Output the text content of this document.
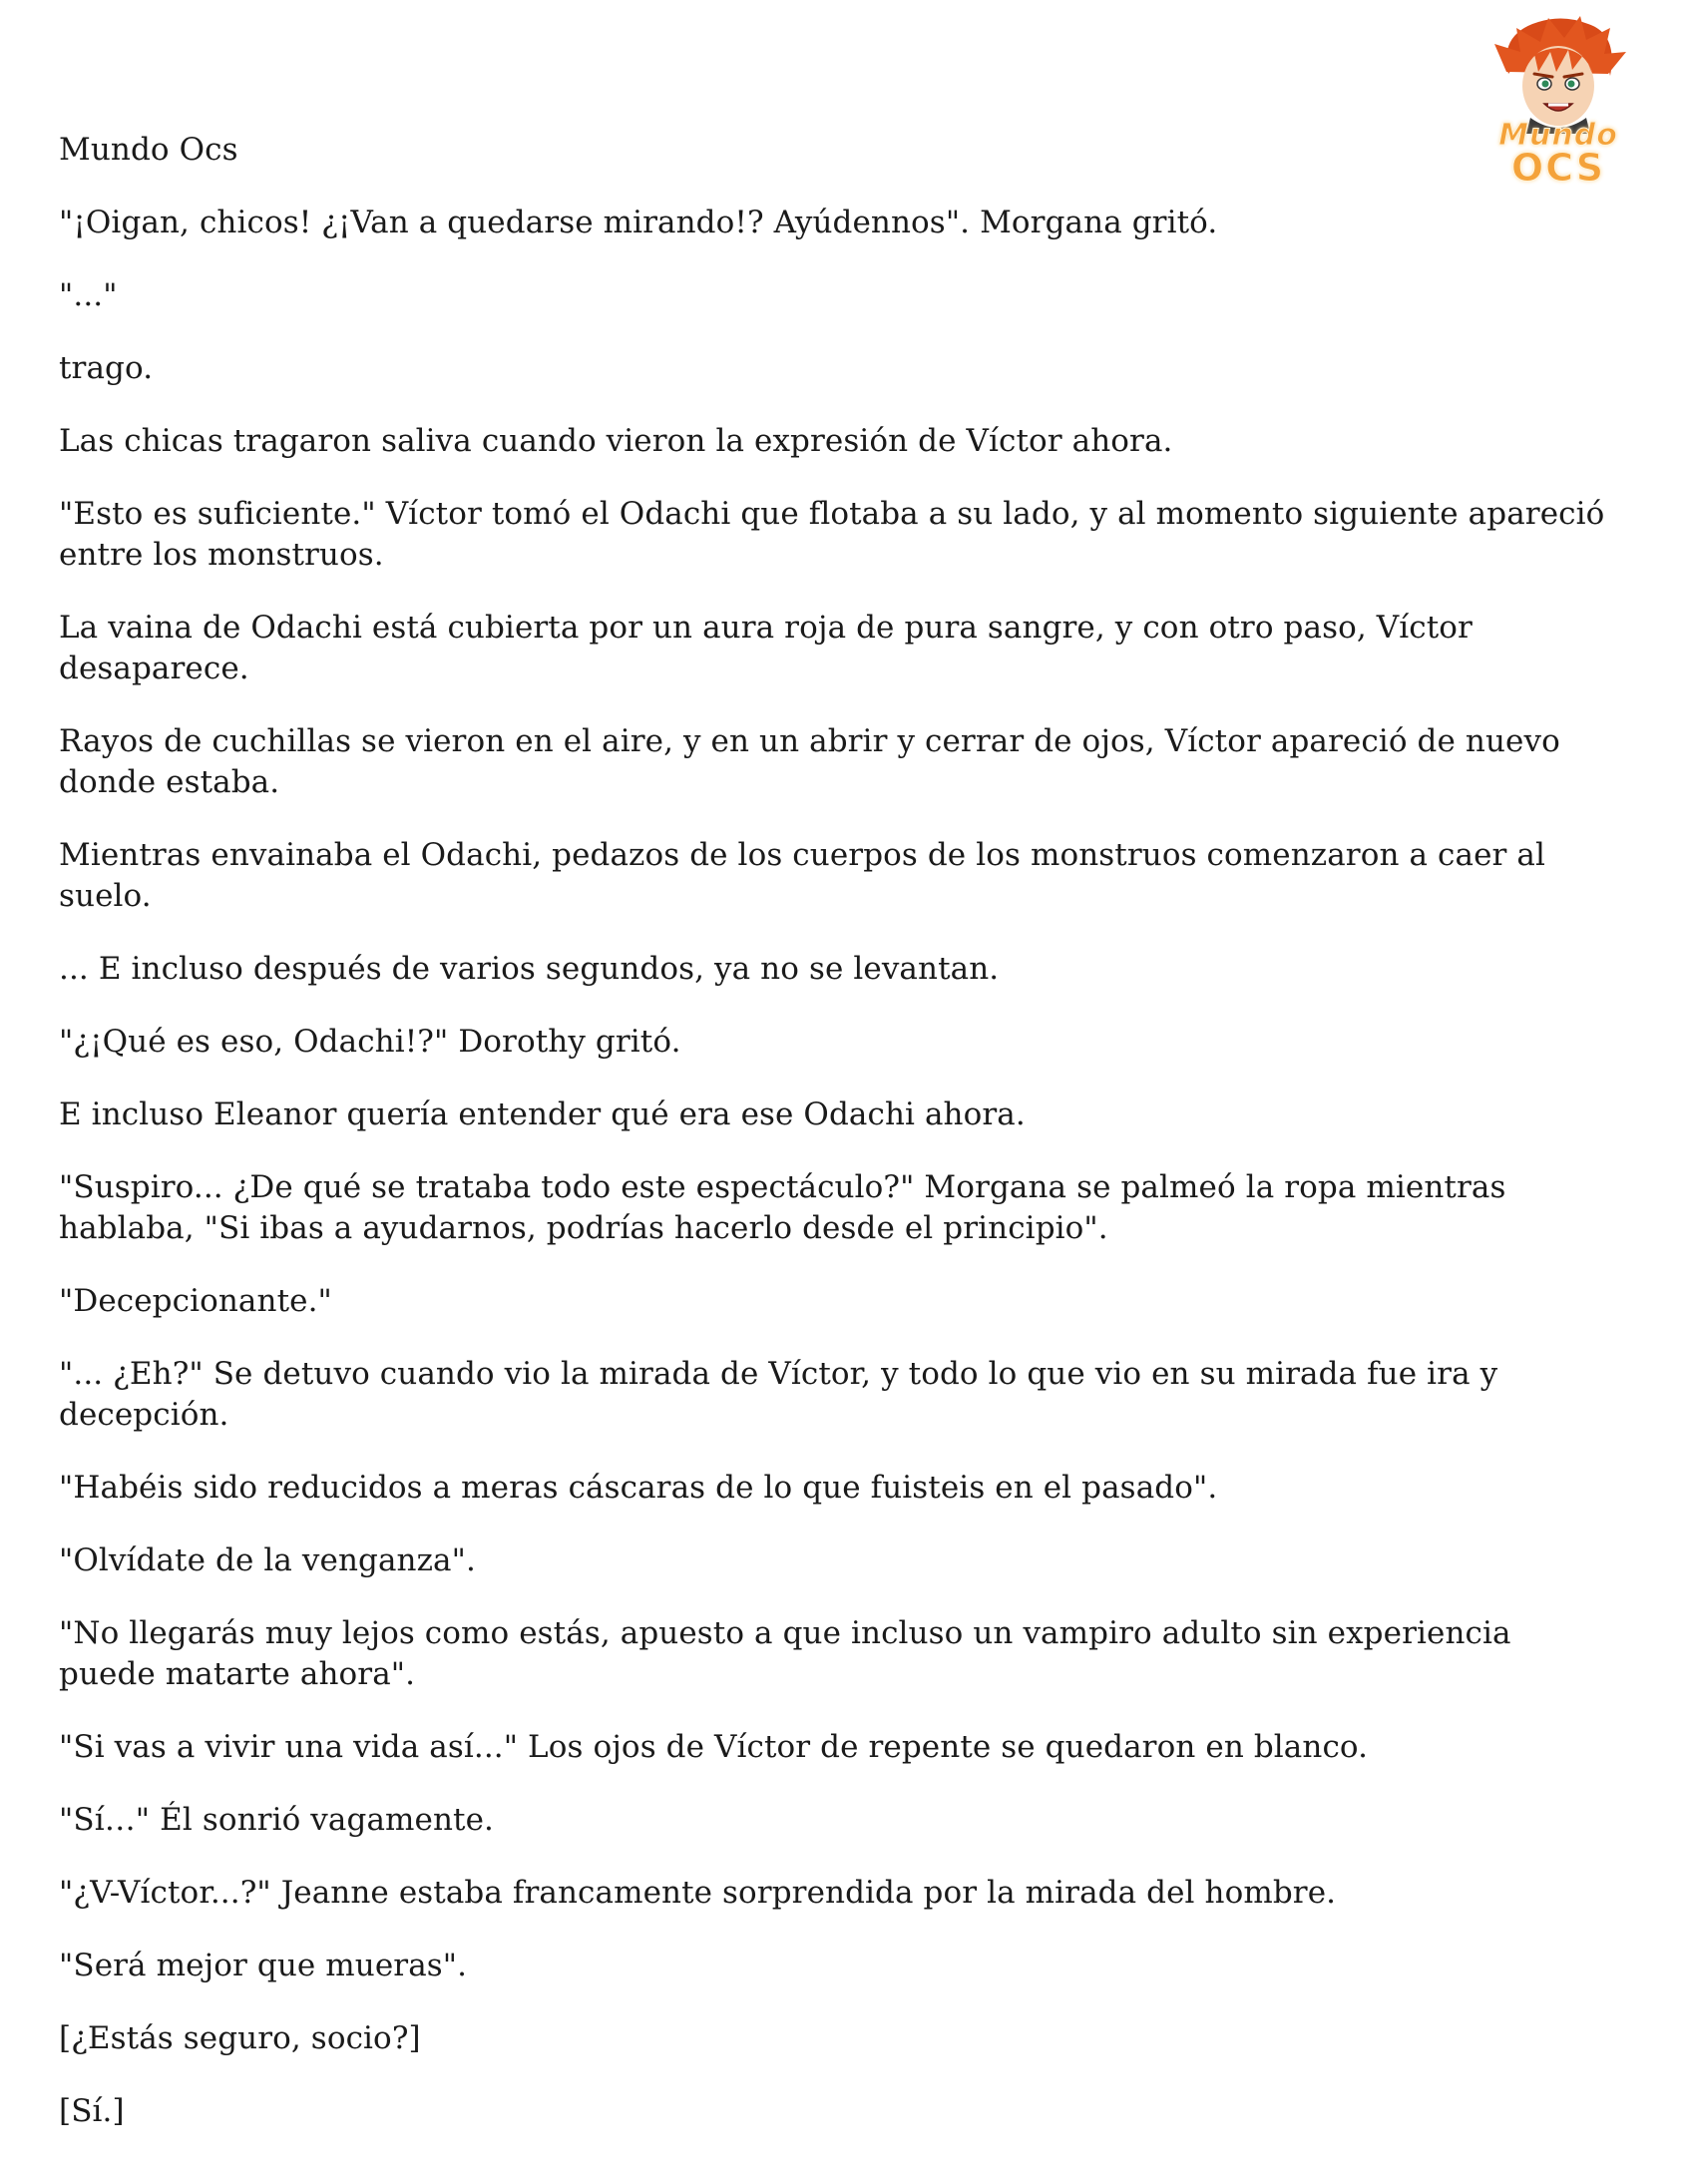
Mundo
OCS

Mundo Ocs

"¡Oigan, chicos! ¿¡Van a quedarse mirando!? Ayúdennos". Morgana gritó.

"..."

trago.

Las chicas tragaron saliva cuando vieron la expresión de Víctor ahora.

"Esto es suficiente." Víctor tomó el Odachi que flotaba a su lado, y al momento siguiente apareció entre los monstruos.

La vaina de Odachi está cubierta por un aura roja de pura sangre, y con otro paso, Víctor desaparece.

Rayos de cuchillas se vieron en el aire, y en un abrir y cerrar de ojos, Víctor apareció de nuevo donde estaba.

Mientras envainaba el Odachi, pedazos de los cuerpos de los monstruos comenzaron a caer al suelo.

... E incluso después de varios segundos, ya no se levantan.

"¿¡Qué es eso, Odachi!?" Dorothy gritó.

E incluso Eleanor quería entender qué era ese Odachi ahora.

"Suspiro... ¿De qué se trataba todo este espectáculo?" Morgana se palmeó la ropa mientras hablaba, "Si ibas a ayudarnos, podrías hacerlo desde el principio".

"Decepcionante."

"... ¿Eh?" Se detuvo cuando vio la mirada de Víctor, y todo lo que vio en su mirada fue ira y decepción.

"Habéis sido reducidos a meras cáscaras de lo que fuisteis en el pasado".

"Olvídate de la venganza".

"No llegarás muy lejos como estás, apuesto a que incluso un vampiro adulto sin experiencia puede matarte ahora".

"Si vas a vivir una vida así..." Los ojos de Víctor de repente se quedaron en blanco.

"Sí…" Él sonrió vagamente.

"¿V-Víctor...?" Jeanne estaba francamente sorprendida por la mirada del hombre.

"Será mejor que mueras".

[¿Estás seguro, socio?]

[Sí.]
